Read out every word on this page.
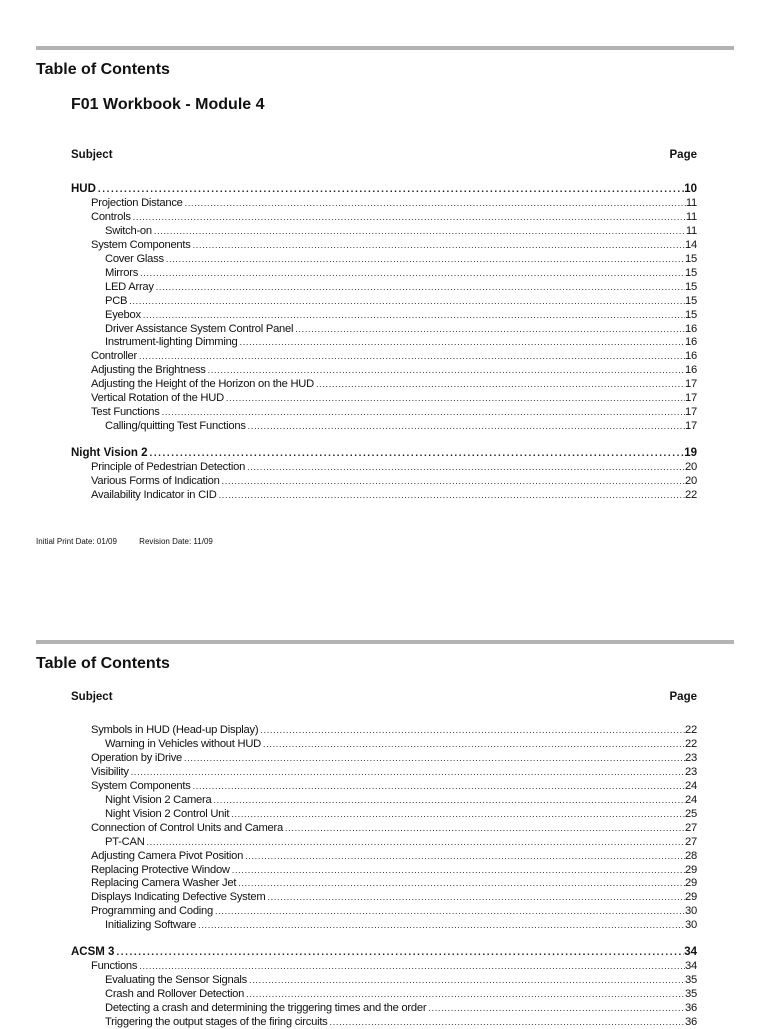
Table of Contents
F01 Workbook - Module 4
Subject	Page
HUD . . .	10
Projection Distance . . .	11
Controls . . .	11
Switch-on . . .	11
System Components . . .	14
Cover Glass . . .	15
Mirrors . . .	15
LED Array . . .	15
PCB . . .	15
Eyebox . . .	15
Driver Assistance System Control Panel . . .	16
Instrument-lighting Dimming . . .	16
Controller . . .	16
Adjusting the Brightness . . .	16
Adjusting the Height of the Horizon on the HUD . . .	17
Vertical Rotation of the HUD . . .	17
Test Functions . . .	17
Calling/quitting Test Functions . . .	17
Night Vision 2 . . .	19
Principle of Pedestrian Detection . . .	20
Various Forms of Indication . . .	20
Availability Indicator in CID . . .	22
Initial Print Date: 01/09	Revision Date: 11/09
Table of Contents
Subject	Page
Symbols in HUD (Head-up Display) . . .	22
Warning in Vehicles without HUD . . .	22
Operation by iDrive . . .	23
Visibility . . .	23
System Components . . .	24
Night Vision 2 Camera . . .	24
Night Vision 2 Control Unit . . .	25
Connection of Control Units and Camera . . .	27
PT-CAN . . .	27
Adjusting Camera Pivot Position . . .	28
Replacing Protective Window . . .	29
Replacing Camera Washer Jet . . .	29
Displays Indicating Defective System . . .	29
Programming and Coding . . .	30
Initializing Software . . .	30
ACSM 3 . . .	34
Functions . . .	34
Evaluating the Sensor Signals . . .	35
Crash and Rollover Detection . . .	35
Detecting a crash and determining the triggering times and the order . . .	36
Triggering the output stages of the firing circuits . . .	36
